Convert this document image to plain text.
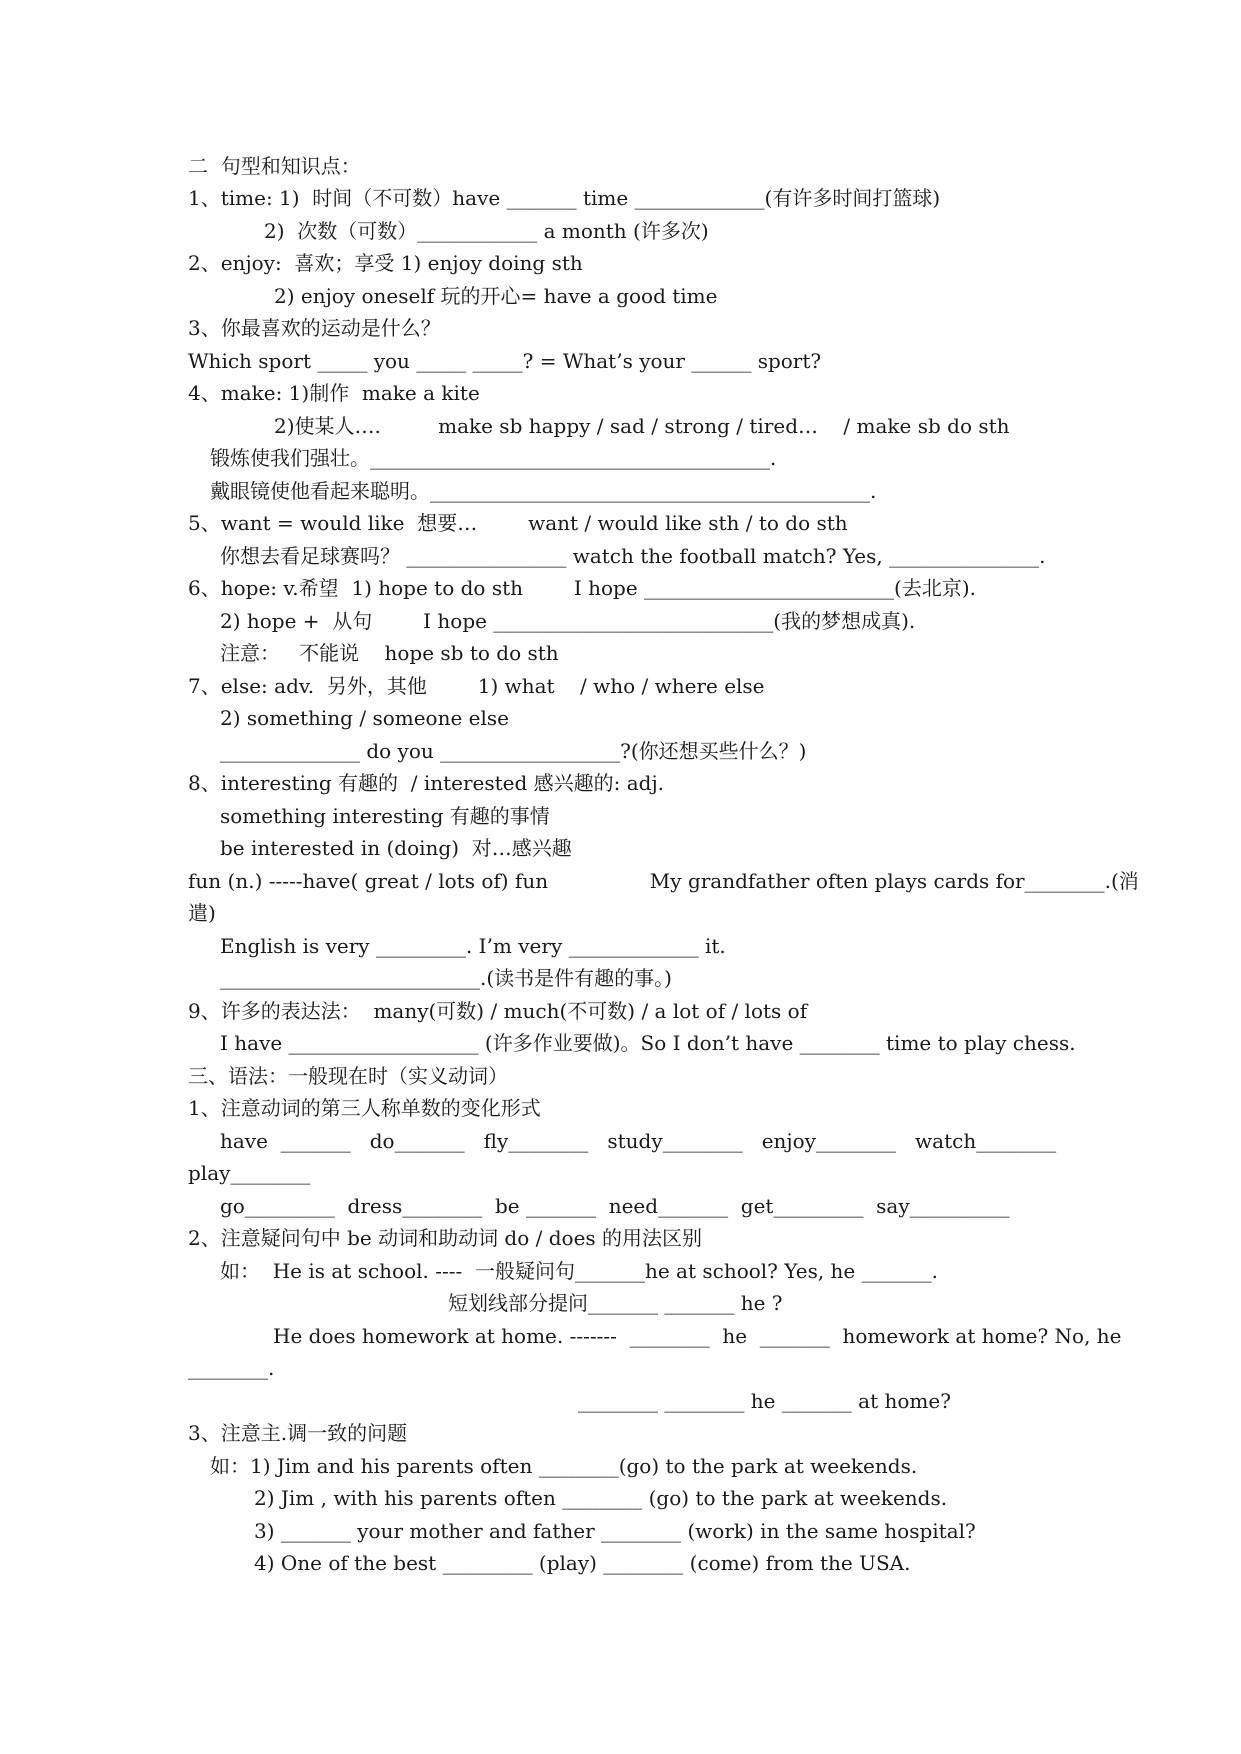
二  句型和知识点：
1、time: 1)  时间（不可数）have _______ time _____________(有许多时间打篮球)
2)  次数（可数）____________ a month (许多次)
2、enjoy:  喜欢；享受 1) enjoy doing sth
2) enjoy oneself 玩的开心= have a good time
3、你最喜欢的运动是什么？
Which sport _____ you _____ _____? = What’s your ______ sport?
4、make: 1)制作  make a kite
2)使某人….         make sb happy / sad / strong / tired…    / make sb do sth
锻炼使我们强壮。________________________________________.
戴眼镜使他看起来聪明。____________________________________________.
5、want = would like  想要…        want / would like sth / to do sth
你想去看足球赛吗？ ________________ watch the football match? Yes, _______________.
6、hope: v.希望  1) hope to do sth        I hope _________________________(去北京).
2) hope +  从句        I hope ____________________________(我的梦想成真).
注意：   不能说    hope sb to do sth
7、else: adv.  另外，其他        1) what    / who / where else
2) something / someone else
______________ do you __________________?(你还想买些什么？)
8、interesting 有趣的  / interested 感兴趣的: adj.
something interesting 有趣的事情
be interested in (doing)  对…感兴趣
fun (n.) -----have( great / lots of) fun                My grandfather often plays cards for________.(消
遣)
English is very _________. I’m very _____________ it.
__________________________.(读书是件有趣的事。)
9、许多的表达法：  many(可数) / much(不可数) / a lot of / lots of
I have ___________________ (许多作业要做)。So I don’t have ________ time to play chess.
三、语法：一般现在时（实义动词）
1、注意动词的第三人称单数的变化形式
have  _______   do_______   fly________   study________   enjoy________   watch________
play________
go_________  dress________  be _______  need_______  get_________  say__________
2、注意疑问句中 be 动词和助动词 do / does 的用法区别
如：  He is at school. ----  一般疑问句_______he at school? Yes, he _______.
短划线部分提问_______ _______ he ?
He does homework at home. -------  ________  he  _______  homework at home? No, he
________.
________ ________ he _______ at home?
3、注意主.调一致的问题
如：1) Jim and his parents often ________(go) to the park at weekends.
2) Jim , with his parents often ________ (go) to the park at weekends.
3) _______ your mother and father ________ (work) in the same hospital?
4) One of the best _________ (play) ________ (come) from the USA.
